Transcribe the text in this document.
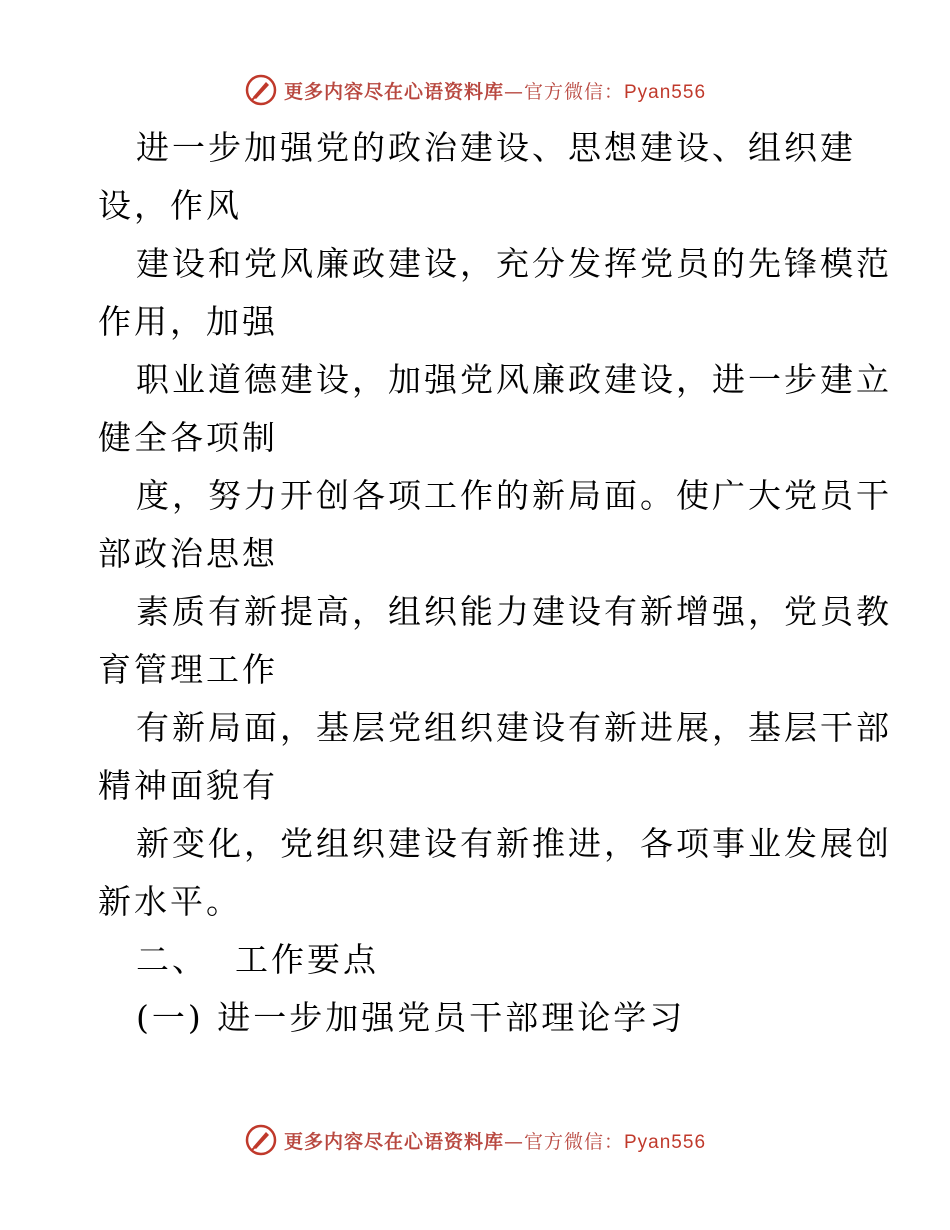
更多内容尽在心语资料库—官方微信：Pyan556
进一步加强党的政治建设、思想建设、组织建
设，作风
建设和党风廉政建设，充分发挥党员的先锋模范
作用，加强
职业道德建设，加强党风廉政建设，进一步建立
健全各项制
度，努力开创各项工作的新局面。使广大党员干
部政治思想
素质有新提高，组织能力建设有新增强，党员教
育管理工作
有新局面，基层党组织建设有新进展，基层干部
精神面貌有
新变化，党组织建设有新推进，各项事业发展创
新水平。
二、  工作要点
(一) 进一步加强党员干部理论学习
更多内容尽在心语资料库—官方微信：Pyan556
